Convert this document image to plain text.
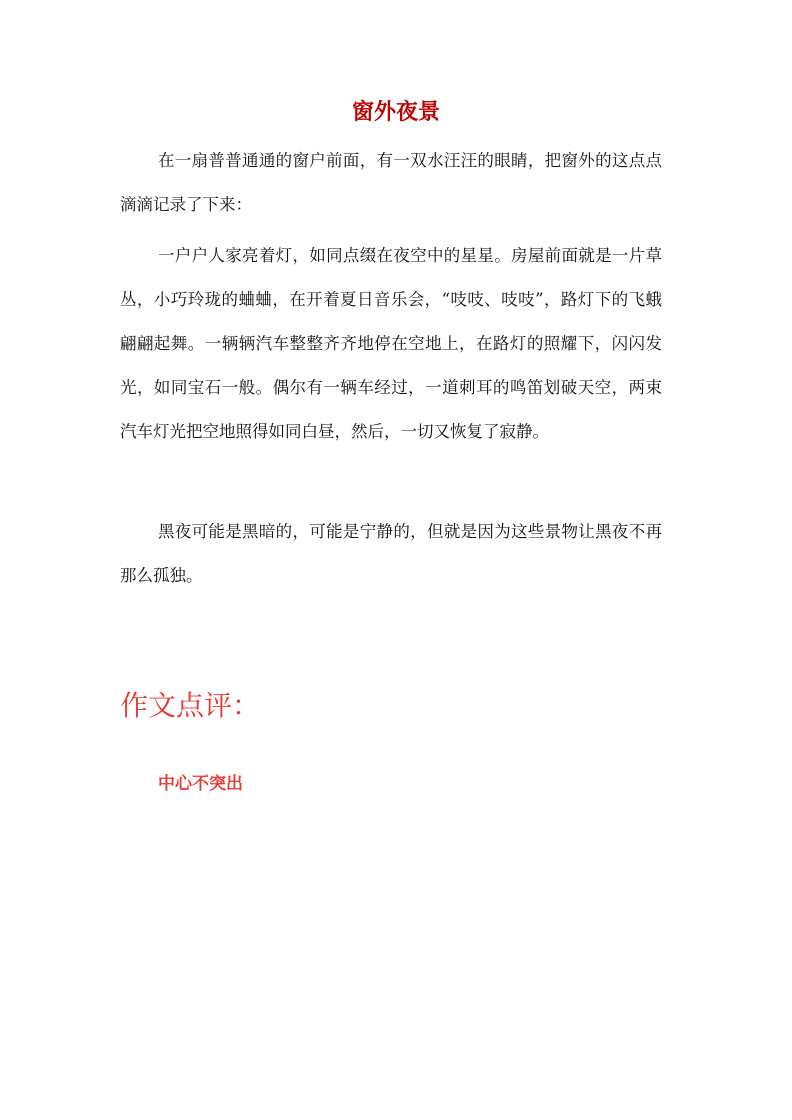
窗外夜景

在一扇普普通通的窗户前面，有一双水汪汪的眼睛，把窗外的这点点滴滴记录了下来：

一户户人家亮着灯，如同点缀在夜空中的星星。房屋前面就是一片草丛，小巧玲珑的蛐蛐，在开着夏日音乐会，“吱吱、吱吱”，路灯下的飞蛾翩翩起舞。一辆辆汽车整整齐齐地停在空地上，在路灯的照耀下，闪闪发光，如同宝石一般。偶尔有一辆车经过，一道刺耳的鸣笛划破天空，两束汽车灯光把空地照得如同白昼，然后，一切又恢复了寂静。

黑夜可能是黑暗的，可能是宁静的，但就是因为这些景物让黑夜不再那么孤独。

作文点评：

中心不突出
